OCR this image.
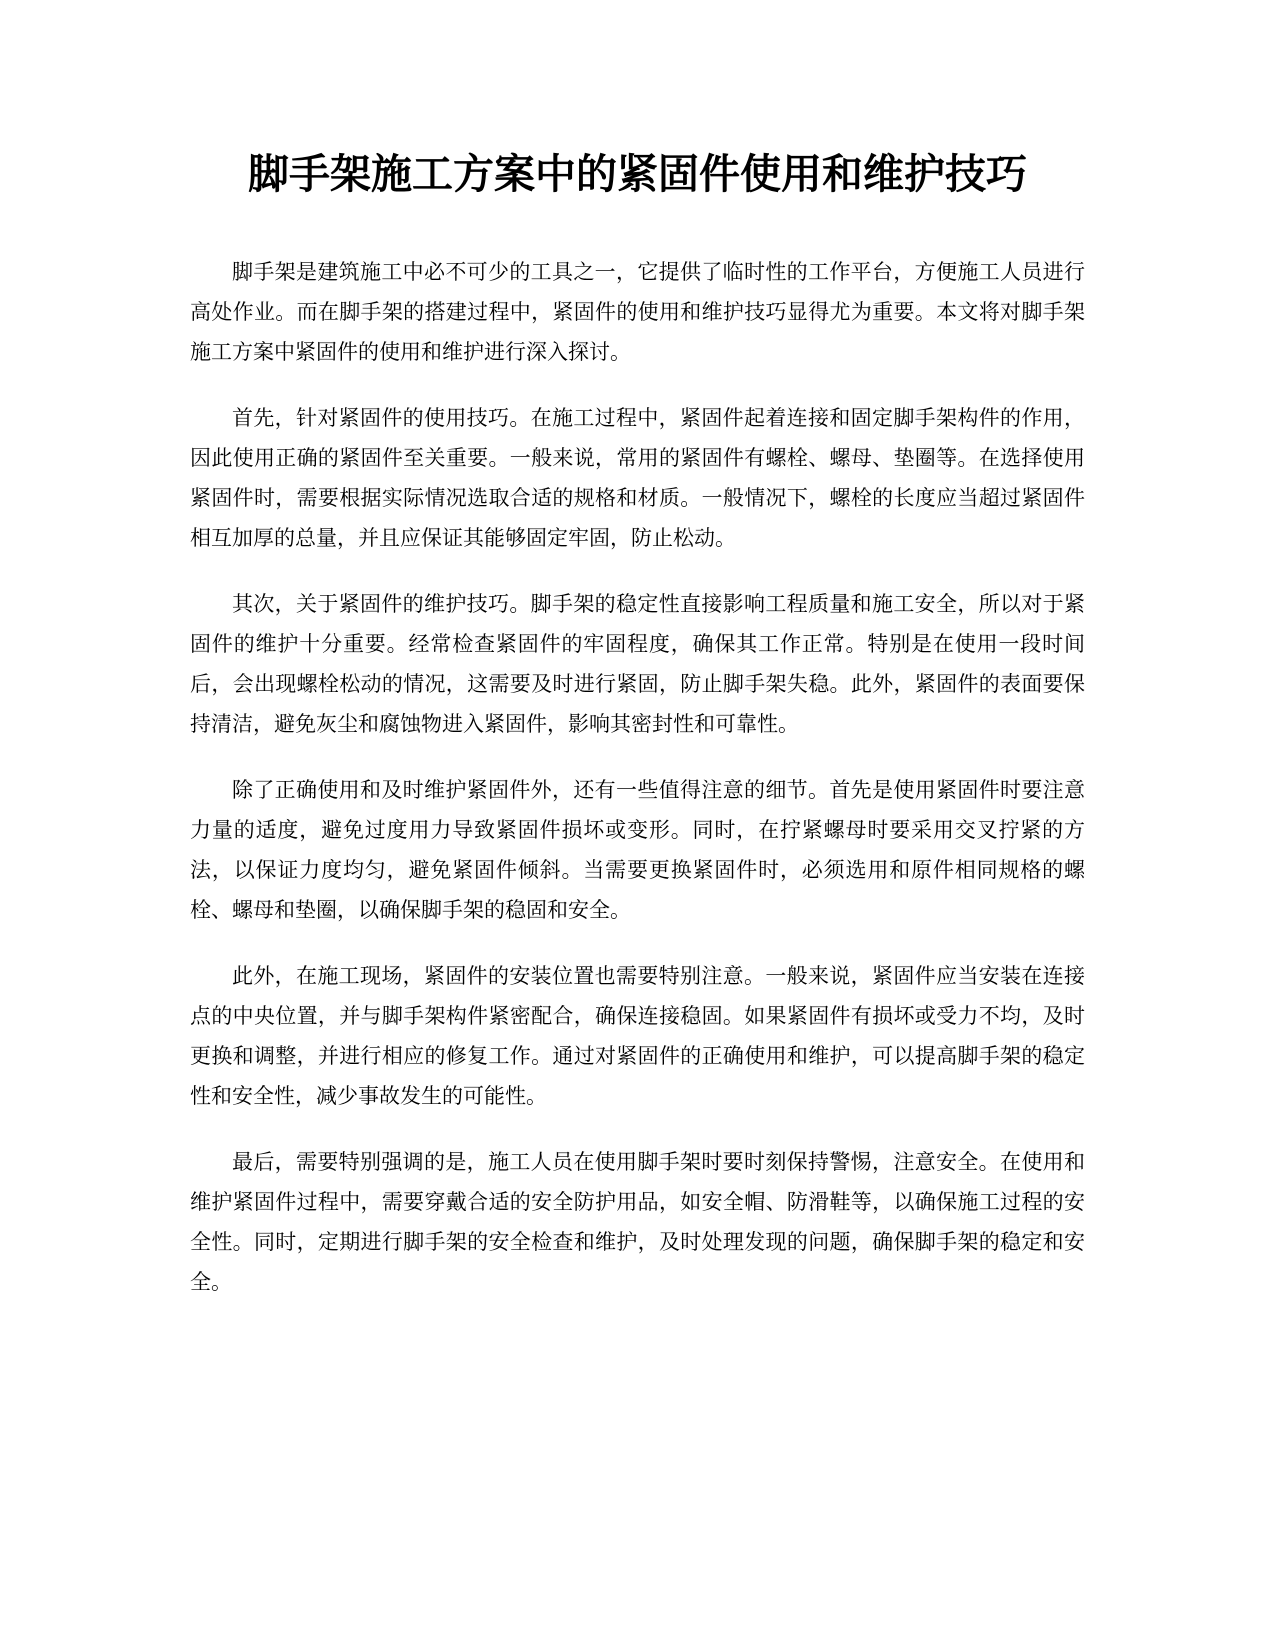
脚手架施工方案中的紧固件使用和维护技巧

脚手架是建筑施工中必不可少的工具之一，它提供了临时性的工作平台，方便施工人员进行高处作业。而在脚手架的搭建过程中，紧固件的使用和维护技巧显得尤为重要。本文将对脚手架施工方案中紧固件的使用和维护进行深入探讨。

首先，针对紧固件的使用技巧。在施工过程中，紧固件起着连接和固定脚手架构件的作用，因此使用正确的紧固件至关重要。一般来说，常用的紧固件有螺栓、螺母、垫圈等。在选择使用紧固件时，需要根据实际情况选取合适的规格和材质。一般情况下，螺栓的长度应当超过紧固件相互加厚的总量，并且应保证其能够固定牢固，防止松动。

其次，关于紧固件的维护技巧。脚手架的稳定性直接影响工程质量和施工安全，所以对于紧固件的维护十分重要。经常检查紧固件的牢固程度，确保其工作正常。特别是在使用一段时间后，会出现螺栓松动的情况，这需要及时进行紧固，防止脚手架失稳。此外，紧固件的表面要保持清洁，避免灰尘和腐蚀物进入紧固件，影响其密封性和可靠性。

除了正确使用和及时维护紧固件外，还有一些值得注意的细节。首先是使用紧固件时要注意力量的适度，避免过度用力导致紧固件损坏或变形。同时，在拧紧螺母时要采用交叉拧紧的方法，以保证力度均匀，避免紧固件倾斜。当需要更换紧固件时，必须选用和原件相同规格的螺栓、螺母和垫圈，以确保脚手架的稳固和安全。

此外，在施工现场，紧固件的安装位置也需要特别注意。一般来说，紧固件应当安装在连接点的中央位置，并与脚手架构件紧密配合，确保连接稳固。如果紧固件有损坏或受力不均，及时更换和调整，并进行相应的修复工作。通过对紧固件的正确使用和维护，可以提高脚手架的稳定性和安全性，减少事故发生的可能性。

最后，需要特别强调的是，施工人员在使用脚手架时要时刻保持警惕，注意安全。在使用和维护紧固件过程中，需要穿戴合适的安全防护用品，如安全帽、防滑鞋等，以确保施工过程的安全性。同时，定期进行脚手架的安全检查和维护，及时处理发现的问题，确保脚手架的稳定和安全。
